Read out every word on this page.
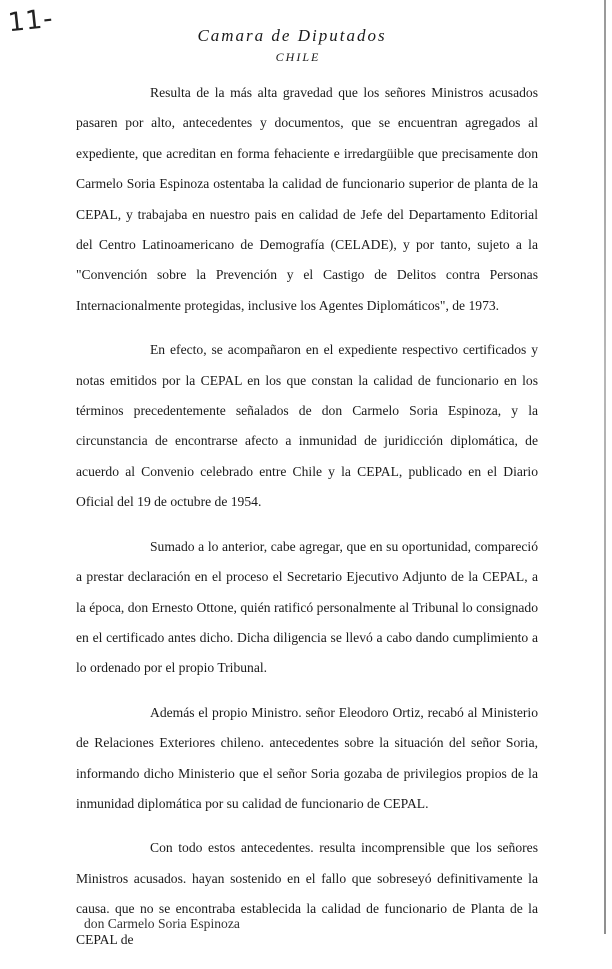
11-	Camara de Diputados
CHILE

Resulta de la más alta gravedad que los señores Ministros acusados pasaren por alto, antecedentes y documentos, que se encuentran agregados al expediente, que acreditan en forma fehaciente e irredargüible que precisamente don Carmelo Soria Espinoza ostentaba la calidad de funcionario superior de planta de la CEPAL, y trabajaba en nuestro pais en calidad de Jefe del Departamento Editorial del Centro Latinoamericano de Demografía (CELADE), y por tanto, sujeto a la "Convención sobre la Prevención y el Castigo de Delitos contra Personas Internacionalmente protegidas, inclusive los Agentes Diplomáticos", de 1973.

En efecto, se acompañaron en el expediente respectivo certificados y notas emitidos por la CEPAL en los que constan la calidad de funcionario en los términos precedentemente señalados de don Carmelo Soria Espinoza, y la circunstancia de encontrarse afecto a inmunidad de juridicción diplomática, de acuerdo al Convenio celebrado entre Chile y la CEPAL, publicado en el Diario Oficial del 19 de octubre de 1954.

Sumado a lo anterior, cabe agregar, que en su oportunidad, compareció a prestar declaración en el proceso el Secretario Ejecutivo Adjunto de la CEPAL, a la época, don Ernesto Ottone, quién ratificó personalmente al Tribunal lo consignado en el certificado antes dicho. Dicha diligencia se llevó a cabo dando cumplimiento a lo ordenado por el propio Tribunal.

Además el propio Ministro. señor Eleodoro Ortiz, recabó al Ministerio de Relaciones Exteriores chileno. antecedentes sobre la situación del señor Soria, informando dicho Ministerio que el señor Soria gozaba de privilegios propios de la inmunidad diplomática por su calidad de funcionario de CEPAL.

Con todo estos antecedentes. resulta incomprensible que los señores Ministros acusados. hayan sostenido en el fallo que sobreseyó definitivamente la causa. que no se encontraba establecida la calidad de funcionario de Planta de la CEPAL de

don Carmelo Soria Espinoza
